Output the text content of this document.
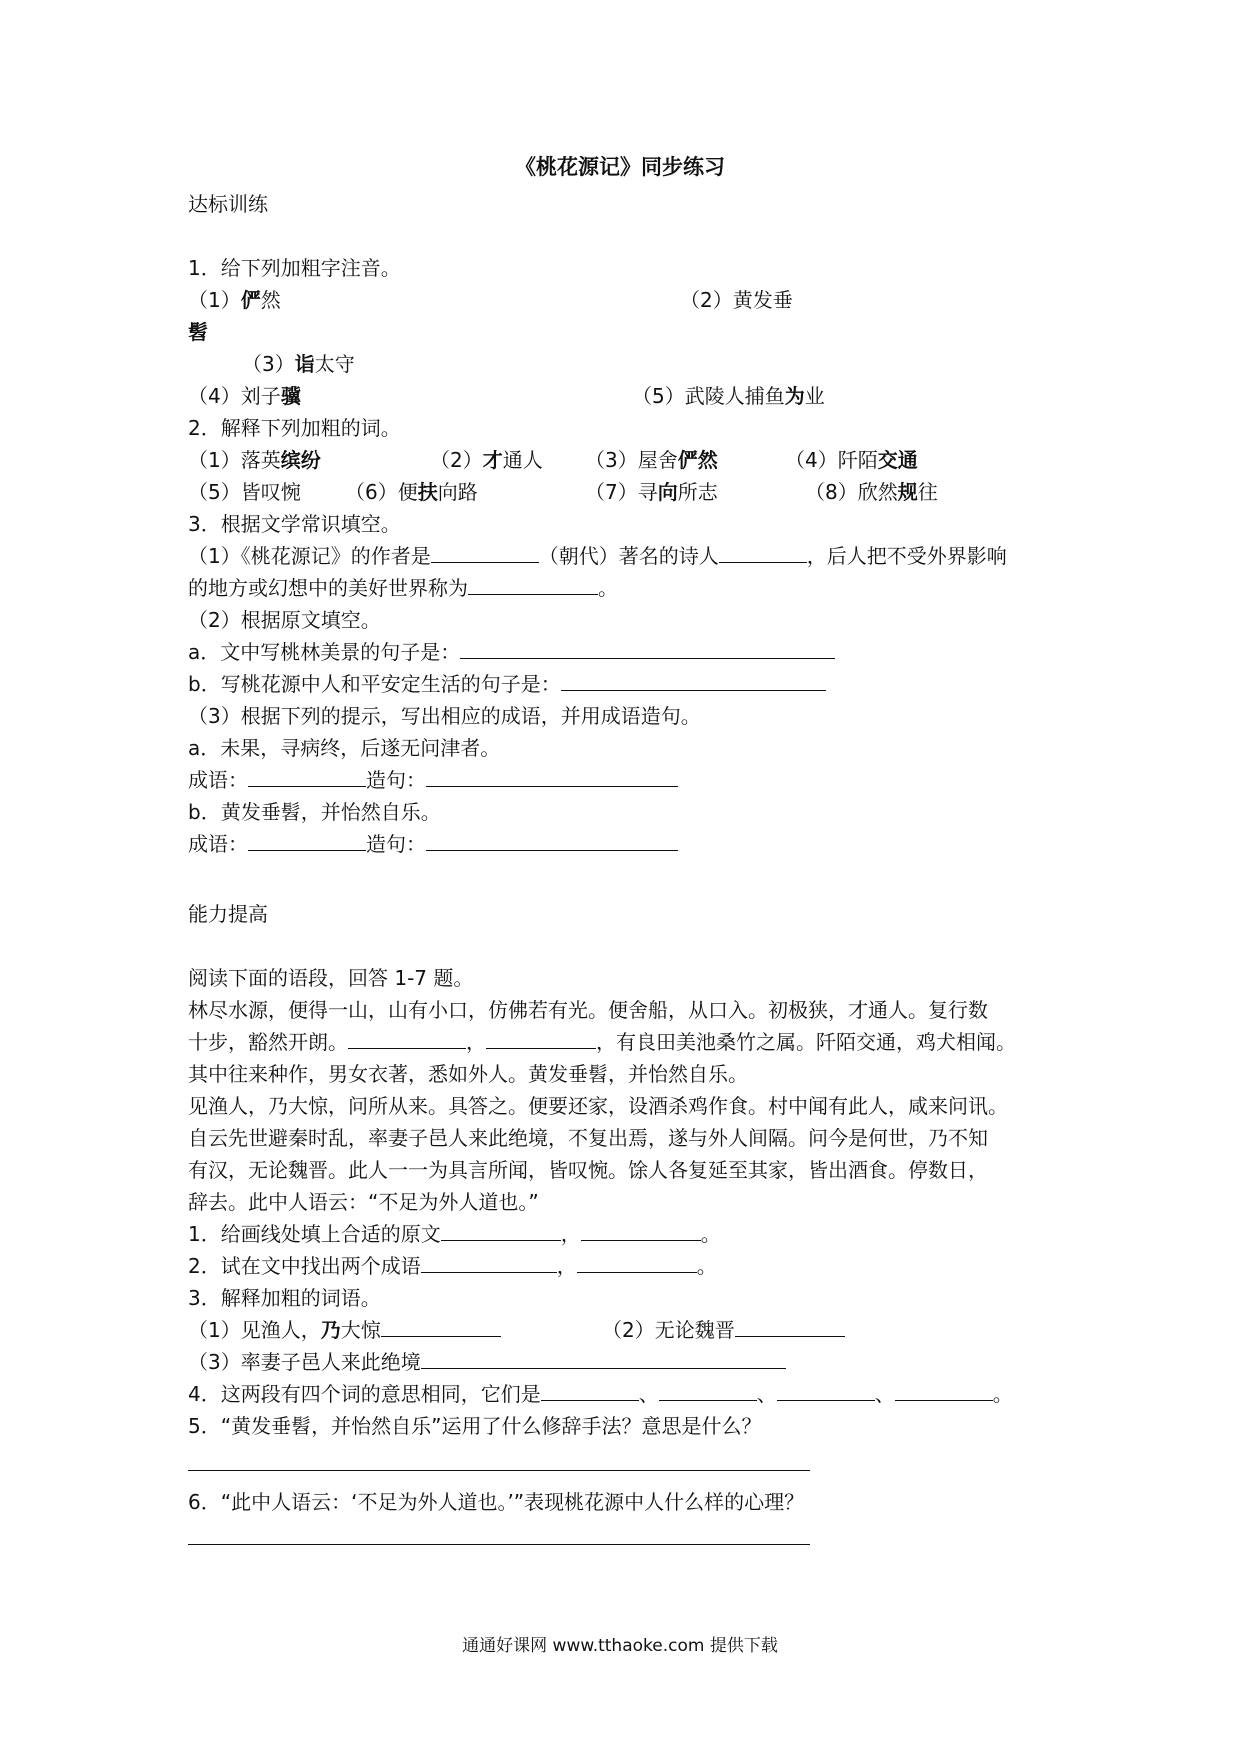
《桃花源记》同步练习
达标训练
1．给下列加粗字注音。
（1）俨然	（2）黄发垂
髫
（3）诣太守
（4）刘子骥	（5）武陵人捕鱼为业
2．解释下列加粗的词。
（1）落英缤纷	（2）才通人 （3）屋舍俨然	（4）阡陌交通
（5）皆叹惋 （6）便扶向路	（7）寻向所志	（8）欣然规往
3．根据文学常识填空。
（1）《桃花源记》的作者是	（朝代）著名的诗人	，后人把不受外界影响
的地方或幻想中的美好世界称为	。
（2）根据原文填空。
a．文中写桃林美景的句子是：
b．写桃花源中人和平安定生活的句子是：
（3）根据下列的提示，写出相应的成语，并用成语造句。
a．未果，寻病终，后遂无问津者。
成语：	造句：
b．黄发垂髫，并怡然自乐。
成语：	造句：
能力提高
阅读下面的语段，回答 1-7 题。
林尽水源，便得一山，山有小口，仿佛若有光。便舍船，从口入。初极狭，才通人。复行数
十步，豁然开朗。	，	，有良田美池桑竹之属。阡陌交通，鸡犬相闻。
其中往来种作，男女衣著，悉如外人。黄发垂髫，并怡然自乐。
见渔人，乃大惊，问所从来。具答之。便要还家，设酒杀鸡作食。村中闻有此人，咸来问讯。
自云先世避秦时乱，率妻子邑人来此绝境，不复出焉，遂与外人间隔。问今是何世，乃不知
有汉，无论魏晋。此人一一为具言所闻，皆叹惋。馀人各复延至其家，皆出酒食。停数日，
辞去。此中人语云：“不足为外人道也。”
1．给画线处填上合适的原文	，	。
2．试在文中找出两个成语	，	。
3．解释加粗的词语。
（1）见渔人，乃大惊	（2）无论魏晋
（3）率妻子邑人来此绝境
4．这两段有四个词的意思相同，它们是	、	、	、	。
5．“黄发垂髫，并怡然自乐”运用了什么修辞手法？意思是什么？
6．“此中人语云：‘不足为外人道也。’”表现桃花源中人什么样的心理？
通通好课网 www.tthaoke.com 提供下载
